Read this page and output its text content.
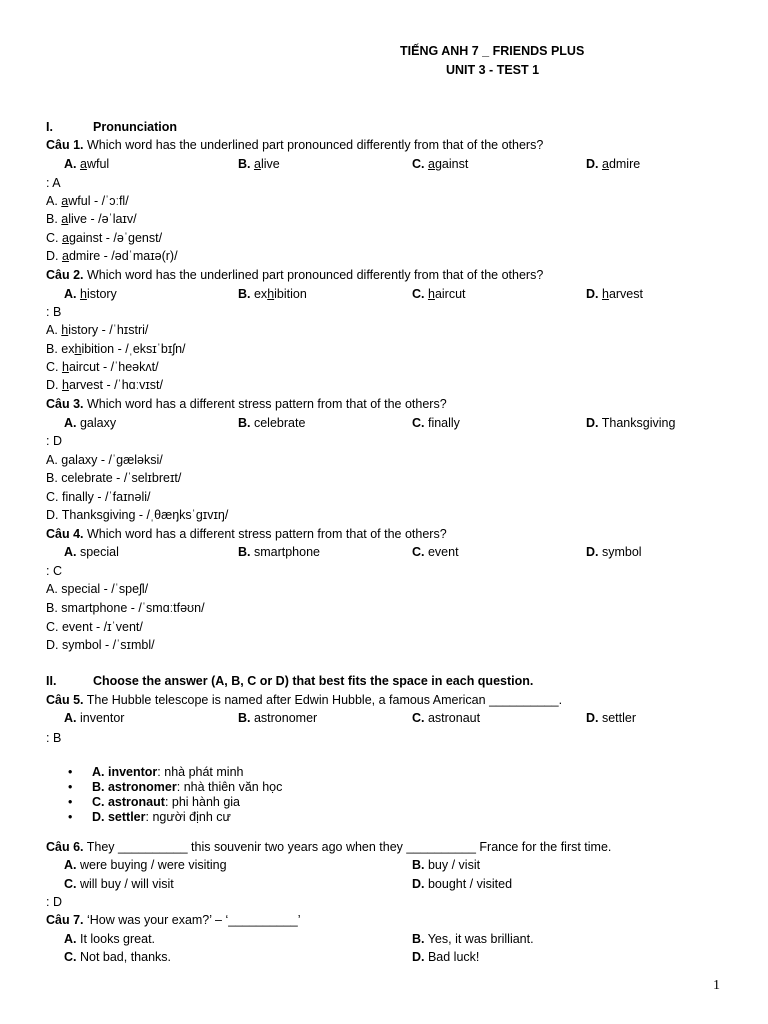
TIẾNG ANH 7 _ FRIENDS PLUS
UNIT 3 - TEST 1
I.	Pronunciation
Câu 1. Which word has the underlined part pronounced differently from that of the others?
A. awful	B. alive	C. against	D. admire
: A
A. awful - /ˈɔːfl/
B. alive - /əˈlaɪv/
C. against - /əˈgenst/
D. admire - /ədˈmaɪə(r)/
Câu 2. Which word has the underlined part pronounced differently from that of the others?
A. history	B. exhibition	C. haircut	D. harvest
: B
A. history - /ˈhɪstri/
B. exhibition - /ˌeksɪˈbɪʃn/
C. haircut - /ˈheəkʌt/
D. harvest - /ˈhɑːvɪst/
Câu 3. Which word has a different stress pattern from that of the others?
A. galaxy	B. celebrate	C. finally	D. Thanksgiving
: D
A. galaxy - /ˈgæləksi/
B. celebrate - /ˈselɪbreɪt/
C. finally - /ˈfaɪnəli/
D. Thanksgiving - /ˌθæŋksˈgɪvɪŋ/
Câu 4. Which word has a different stress pattern from that of the others?
A. special	B. smartphone	C. event	D. symbol
: C
A. special - /ˈspeʃl/
B. smartphone - /ˈsmɑːtfəʊn/
C. event - /ɪˈvent/
D. symbol - /ˈsɪmbl/
II.	Choose the answer (A, B, C or D) that best fits the space in each question.
Câu 5. The Hubble telescope is named after Edwin Hubble, a famous American __________.
A. inventor	B. astronomer	C. astronaut	D. settler
: B
• A. inventor: nhà phát minh
• B. astronomer: nhà thiên văn học
• C. astronaut: phi hành gia
• D. settler: người định cư
Câu 6. They __________ this souvenir two years ago when they __________ France for the first time.
A. were buying / were visiting	B. buy / visit
C. will buy / will visit	D. bought / visited
: D
Câu 7. ‘How was your exam?’ – ‘__________’
A. It looks great.	B. Yes, it was brilliant.
C. Not bad, thanks.	D. Bad luck!
1
